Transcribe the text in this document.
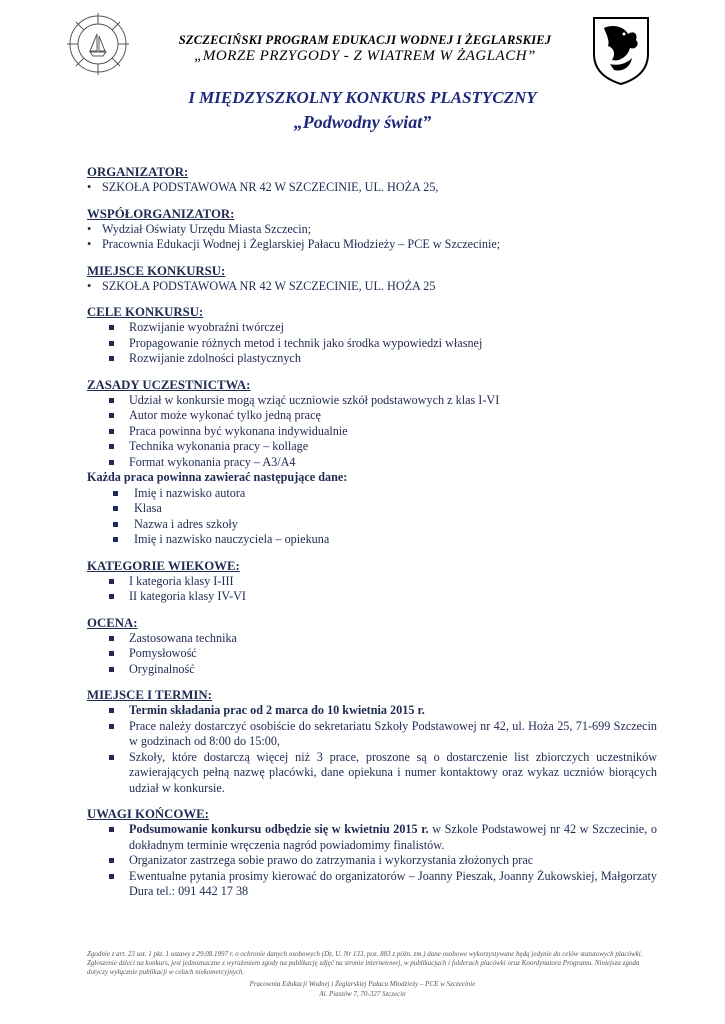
SZCZECIŃSKI PROGRAM EDUKACJI WODNEJ I ŻEGLARSKIEJ
„MORZE PRZYGODY - Z WIATREM W ŻAGLACH”
I MIĘDZYSZKOLNY KONKURS PLASTYCZNY
„Podwodny świat”

ORGANIZATOR:

• SZKOŁA PODSTAWOWA NR 42 W SZCZECINIE, UL. HOŻA 25,

WSPÓŁORGANIZATOR:

• Wydział Oświaty Urzędu Miasta Szczecin;
• Pracownia Edukacji Wodnej i Żeglarskiej Pałacu Młodzieży – PCE w Szczecinie;

MIEJSCE KONKURSU:

• SZKOŁA PODSTAWOWA NR 42 W SZCZECINIE, UL. HOŻA 25

CELE KONKURSU:

Rozwijanie wyobraźni twórczej
Propagowanie różnych metod i technik jako środka wypowiedzi własnej
Rozwijanie zdolności plastycznych

ZASADY UCZESTNICTWA:

Udział w konkursie mogą wziąć uczniowie szkół podstawowych z klas I-VI
Autor może wykonać tylko jedną pracę
Praca powinna być wykonana indywidualnie
Technika wykonania pracy – kollage
Format wykonania pracy – A3/A4

Każda praca powinna zawierać następujące dane:

Imię i nazwisko autora
Klasa
Nazwa i adres szkoły
Imię i nazwisko nauczyciela – opiekuna

KATEGORIE WIEKOWE:

I kategoria klasy I-III
II kategoria klasy IV-VI

OCENA:

Zastosowana technika
Pomysłowość
Oryginalność

MIEJSCE I TERMIN:

Termin składania prac od 2 marca do 10 kwietnia 2015 r.
Prace należy dostarczyć osobiście do sekretariatu Szkoły Podstawowej nr 42, ul. Hoża 25, 71-699 Szczecin w godzinach od 8:00 do 15:00,
Szkoły, które dostarczą więcej niż 3 prace, proszone są o dostarczenie list zbiorczych uczestników zawierających pełną nazwę placówki, dane opiekuna i numer kontaktowy oraz wykaz uczniów biorących udział w konkursie.

UWAGI KOŃCOWE:

Podsumowanie konkursu odbędzie się w kwietniu 2015 r. w Szkole Podstawowej nr 42 w Szczecinie, o dokładnym terminie wręczenia nagród powiadomimy finalistów.
Organizator zastrzega sobie prawo do zatrzymania i wykorzystania złożonych prac
Ewentualne pytania prosimy kierować do organizatorów – Joanny Pieszak, Joanny Żukowskiej, Małgorzaty Dura tel.: 091 442 17 38
Zgodnie z art. 23 ust. 1 pkt. 1 ustawy z 29.08.1997 r. o ochronie danych osobowych (Dz. U. Nr 133, poz. 883 z późn. zm.) dane osobowe wykorzystywane będą jedynie do celów statutowych placówki. Zgłoszenie dzieci na konkurs, jest jednoznaczne z wyrażeniem zgody na publikację zdjęć na stronie internetowej, w publikacjach i folderach placówki oraz Koordynatora Programu. Niniejsza zgoda dotyczy wyłącznie publikacji w celach niekomercyjnych.
Pracownia Edukacji Wodnej i Żeglarskiej Pałacu Młodzieży – PCE w Szczecinie
Al. Piastów 7, 70-327 Szczecin
